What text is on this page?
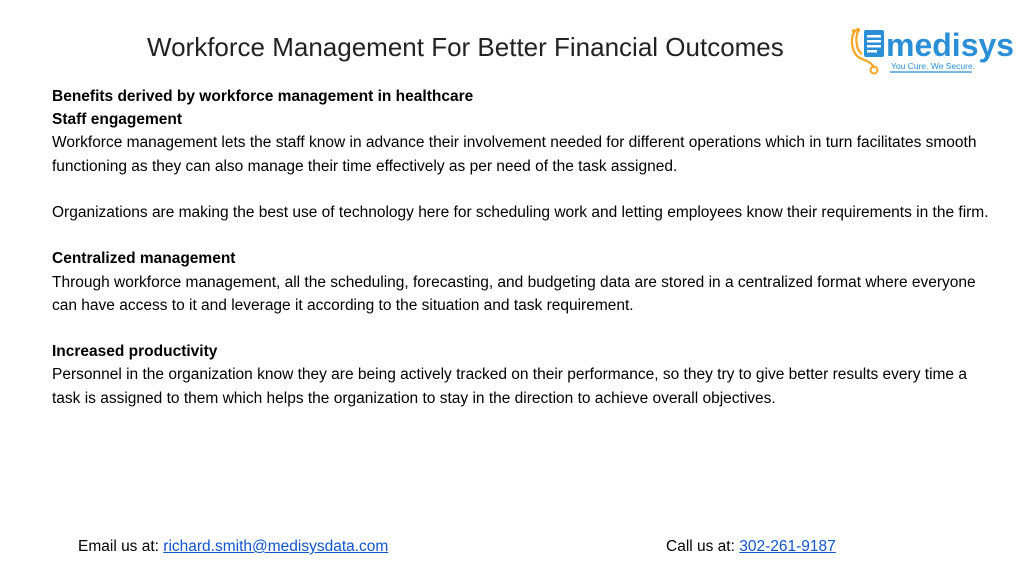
Workforce Management For Better Financial Outcomes	medisys
You Cure. We Secure.

Benefits derived by workforce management in healthcare

Staff engagement

Workforce management lets the staff know in advance their involvement needed for different operations which in turn facilitates smooth functioning as they can also manage their time effectively as per need of the task assigned.

Organizations are making the best use of technology here for scheduling work and letting employees know their requirements in the firm.

Centralized management

Through workforce management, all the scheduling, forecasting, and budgeting data are stored in a centralized format where everyone can have access to it and leverage it according to the situation and task requirement.

Increased productivity

Personnel in the organization know they are being actively tracked on their performance, so they try to give better results every time a task is assigned to them which helps the organization to stay in the direction to achieve overall objectives.

Email us at: richard.smith@medisysdata.com	Call us at: 302-261-9187
